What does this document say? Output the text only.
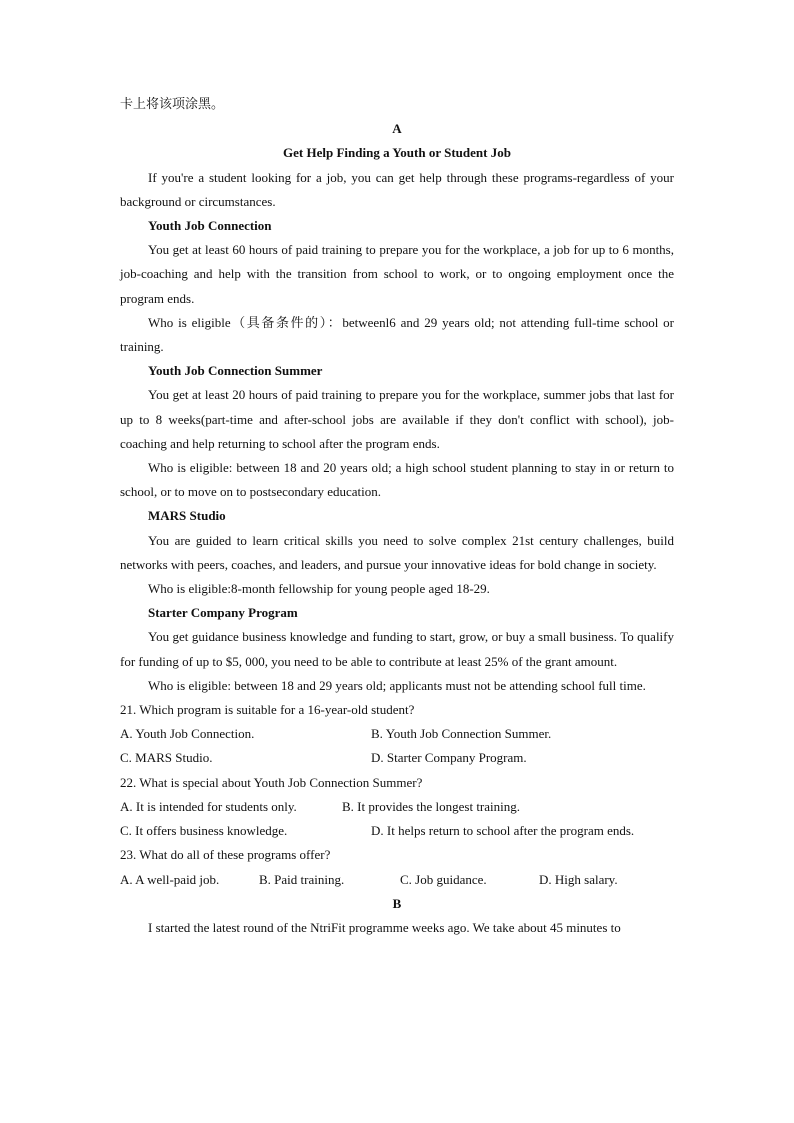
卡上将该项涂黑。

A

Get Help Finding a Youth or Student Job

If you're a student looking for a job, you can get help through these programs-regardless of your background or circumstances.

Youth Job Connection

You get at least 60 hours of paid training to prepare you for the workplace, a job for up to 6 months, job-coaching and help with the transition from school to work, or to ongoing employment once the program ends.

Who is eligible（具备条件的）：betweenl6 and 29 years old; not attending full-time school or training.

Youth Job Connection Summer

You get at least 20 hours of paid training to prepare you for the workplace, summer jobs that last for up to 8 weeks(part-time and after-school jobs are available if they don't conflict with school), job-coaching and help returning to school after the program ends.

Who is eligible: between 18 and 20 years old; a high school student planning to stay in or return to school, or to move on to postsecondary education.

MARS Studio

You are guided to learn critical skills you need to solve complex 21st century challenges, build networks with peers, coaches, and leaders, and pursue your innovative ideas for bold change in society.

Who is eligible:8-month fellowship for young people aged 18-29.

Starter Company Program

You get guidance business knowledge and funding to start, grow, or buy a small business. To qualify for funding of up to $5, 000, you need to be able to contribute at least 25% of the grant amount.

Who is eligible: between 18 and 29 years old; applicants must not be attending school full time.

21. Which program is suitable for a 16-year-old student?

A. Youth Job Connection.	B. Youth Job Connection Summer.
C. MARS Studio.	D. Starter Company Program.

22. What is special about Youth Job Connection Summer?

A. It is intended for students only.	B. It provides the longest training.
C. It offers business knowledge.	D. It helps return to school after the program ends.

23. What do all of these programs offer?

A. A well-paid job.	B. Paid training.	C. Job guidance.	D. High salary.

B

I started the latest round of the NtriFit programme weeks ago. We take about 45 minutes to
